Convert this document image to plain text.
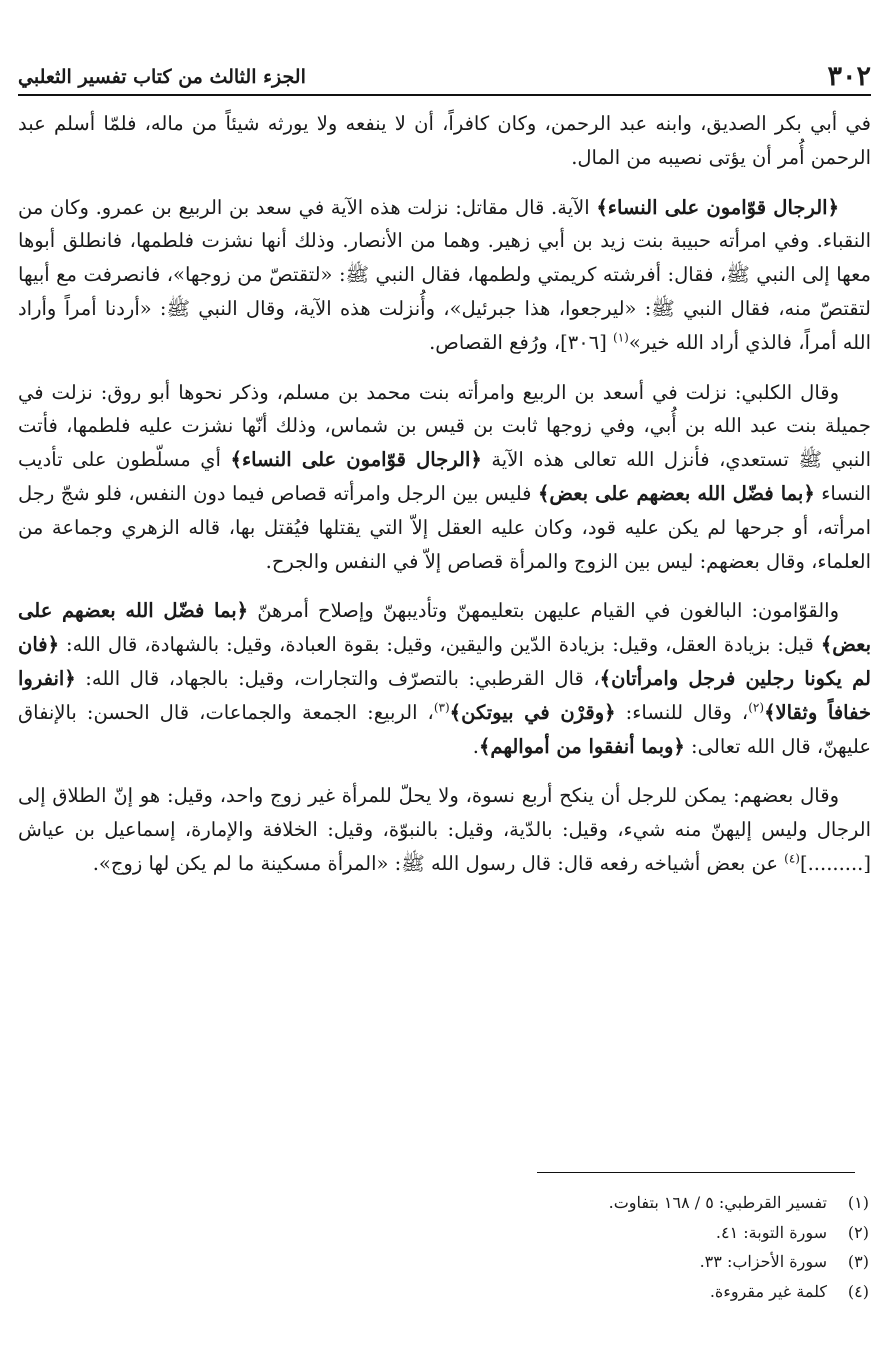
٣٠٢
الجزء الثالث من كتاب تفسير الثعلبي

في أبي بكر الصديق، وابنه عبد الرحمن، وكان كافراً، أن لا ينفعه ولا يورثه شيئاً من ماله، فلمّا أسلم عبد الرحمن أُمر أن يؤتى نصيبه من المال.

﴿الرجال قوّامون على النساء﴾ الآية. قال مقاتل: نزلت هذه الآية في سعد بن الربيع بن عمرو. وكان من النقباء. وفي امرأته حبيبة بنت زيد بن أبي زهير. وهما من الأنصار. وذلك أنها نشزت فلطمها، فانطلق أبوها معها إلى النبي ﷺ، فقال: أفرشته كريمتي ولطمها، فقال النبي ﷺ: «لتقتصّ من زوجها»، فانصرفت مع أبيها لتقتصّ منه، فقال النبي ﷺ: «ليرجعوا، هذا جبرئيل»، وأُنزلت هذه الآية، وقال النبي ﷺ: «أردنا أمراً وأراد الله أمراً، فالذي أراد الله خير»$^{(١)}$ [٣٠٦]، ورُفع القصاص.

وقال الكلبي: نزلت في أسعد بن الربيع وامرأته بنت محمد بن مسلم، وذكر نحوها أبو روق: نزلت في جميلة بنت عبد الله بن أُبي، وفي زوجها ثابت بن قيس بن شماس، وذلك أنّها نشزت عليه فلطمها، فأتت النبي ﷺ تستعدي، فأنزل الله تعالى هذه الآية ﴿الرجال قوّامون على النساء﴾ أي مسلّطون على تأديب النساء ﴿بما فضّل الله بعضهم على بعض﴾ فليس بين الرجل وامرأته قصاص فيما دون النفس، فلو شجّ رجل امرأته، أو جرحها لم يكن عليه قود، وكان عليه العقل إلاّ التي يقتلها فيُقتل بها، قاله الزهري وجماعة من العلماء، وقال بعضهم: ليس بين الزوج والمرأة قصاص إلاّ في النفس والجرح.

والقوّامون: البالغون في القيام عليهن بتعليمهنّ وتأديبهنّ وإصلاح أمرهنّ ﴿بما فضّل الله بعضهم على بعض﴾ قيل: بزيادة العقل، وقيل: بزيادة الدّين واليقين، وقيل: بقوة العبادة، وقيل: بالشهادة، قال الله: ﴿فان لم يكونا رجلين فرجل وامرأتان﴾، قال القرطبي: بالتصرّف والتجارات، وقيل: بالجهاد، قال الله: ﴿انفروا خفافاً وثقالا﴾$^{(٢)}$، وقال للنساء: ﴿وقرْن في بيوتكن﴾$^{(٣)}$، الربيع: الجمعة والجماعات، قال الحسن: بالإنفاق عليهنّ، قال الله تعالى: ﴿وبما أنفقوا من أموالهم﴾.

وقال بعضهم: يمكن للرجل أن ينكح أربع نسوة، ولا يحلّ للمرأة غير زوج واحد، وقيل: هو إنّ الطلاق إلى الرجال وليس إليهنّ منه شيء، وقيل: بالدّية، وقيل: بالنبوّة، وقيل: الخلافة والإمارة، إسماعيل بن عياش [.........]$^{(٤)}$ عن بعض أشياخه رفعه قال: قال رسول الله ﷺ: «المرأة مسكينة ما لم يكن لها زوج».

(١)
تفسير القرطبي: ٥ / ١٦٨ بتفاوت.
(٢)
سورة التوبة: ٤١.
(٣)
سورة الأحزاب: ٣٣.
(٤)
كلمة غير مقروءة.
